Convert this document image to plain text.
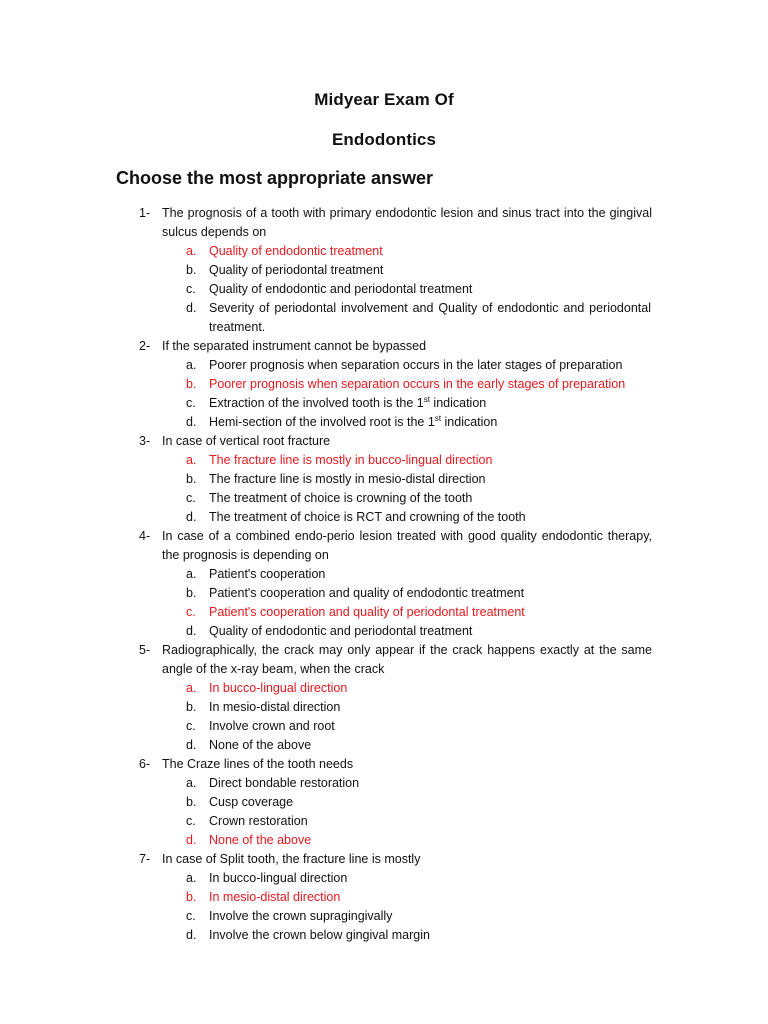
Midyear Exam Of
Endodontics
Choose the most appropriate answer
1- The prognosis of a tooth with primary endodontic lesion and sinus tract into the gingival sulcus depends on
a.	Quality of endodontic treatment
b.	Quality of periodontal treatment
c.	Quality of endodontic and periodontal treatment
d.	Severity of periodontal involvement and Quality of endodontic and periodontal treatment.
2- If the separated instrument cannot be bypassed
a.	Poorer prognosis when separation occurs in the later stages of preparation
b.	Poorer prognosis when separation occurs in the early stages of preparation
c.	Extraction of the involved tooth is the 1st indication
d.	Hemi-section of the involved root is the 1st indication
3- In case of vertical root fracture
a.	The fracture line is mostly in bucco-lingual direction
b.	The fracture line is mostly in mesio-distal direction
c.	The treatment of choice is crowning of the tooth
d.	The treatment of choice is RCT and crowning of the tooth
4- In case of a combined endo-perio lesion treated with good quality endodontic therapy, the prognosis is depending on
a.	Patient's cooperation
b.	Patient's cooperation and quality of endodontic treatment
c.	Patient's cooperation and quality of periodontal treatment
d.	Quality of endodontic and periodontal treatment
5- Radiographically, the crack may only appear if the crack happens exactly at the same angle of the x-ray beam, when the crack
a.	In bucco-lingual direction
b.	In mesio-distal direction
c.	Involve crown and root
d.	None of the above
6- The Craze lines of the tooth needs
a.	Direct bondable restoration
b.	Cusp coverage
c.	Crown restoration
d.	None of the above
7- In case of Split tooth, the fracture line is mostly
a.	In bucco-lingual direction
b.	In mesio-distal direction
c.	Involve the crown supragingivally
d.	Involve the crown below gingival margin
